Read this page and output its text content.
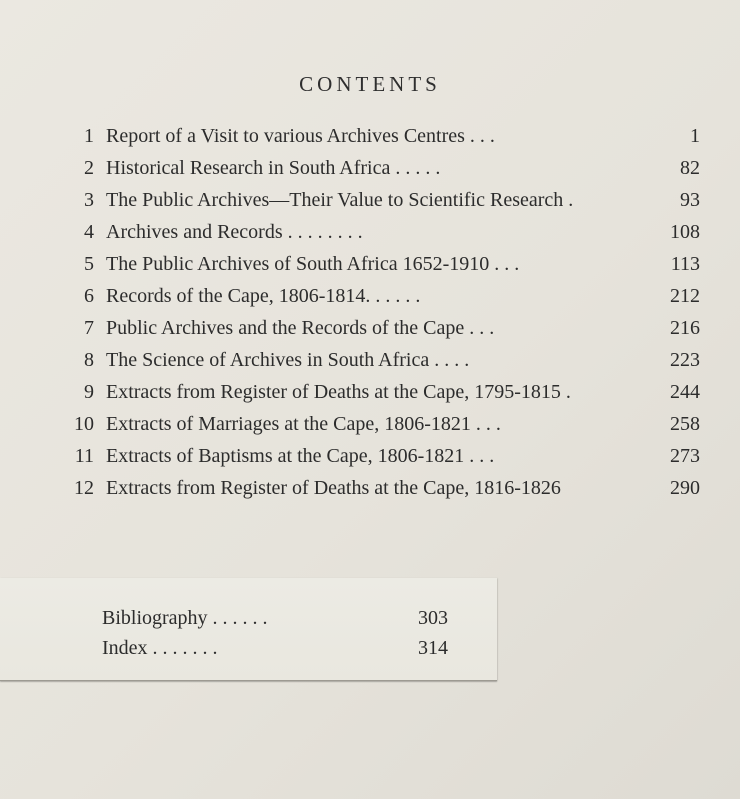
CONTENTS
1 Report of a Visit to various Archives Centres . . .	1
2 Historical Research in South Africa . . . . .	82
3 The Public Archives—Their Value to Scientific Research .	93
4 Archives and Records . . . . . . . .	108
5 The Public Archives of South Africa 1652-1910 . . .	113
6 Records of the Cape, 1806-1814. . . . . .	212
7 Public Archives and the Records of the Cape . . .	216
8 The Science of Archives in South Africa . . . .	223
9 Extracts from Register of Deaths at the Cape, 1795-1815 .	244
10 Extracts of Marriages at the Cape, 1806-1821 . . .	258
11 Extracts of Baptisms at the Cape, 1806-1821 . . .	273
12 Extracts from Register of Deaths at the Cape, 1816-1826	290
Bibliography . . . . . .	303
Index . . . . . . .	314
